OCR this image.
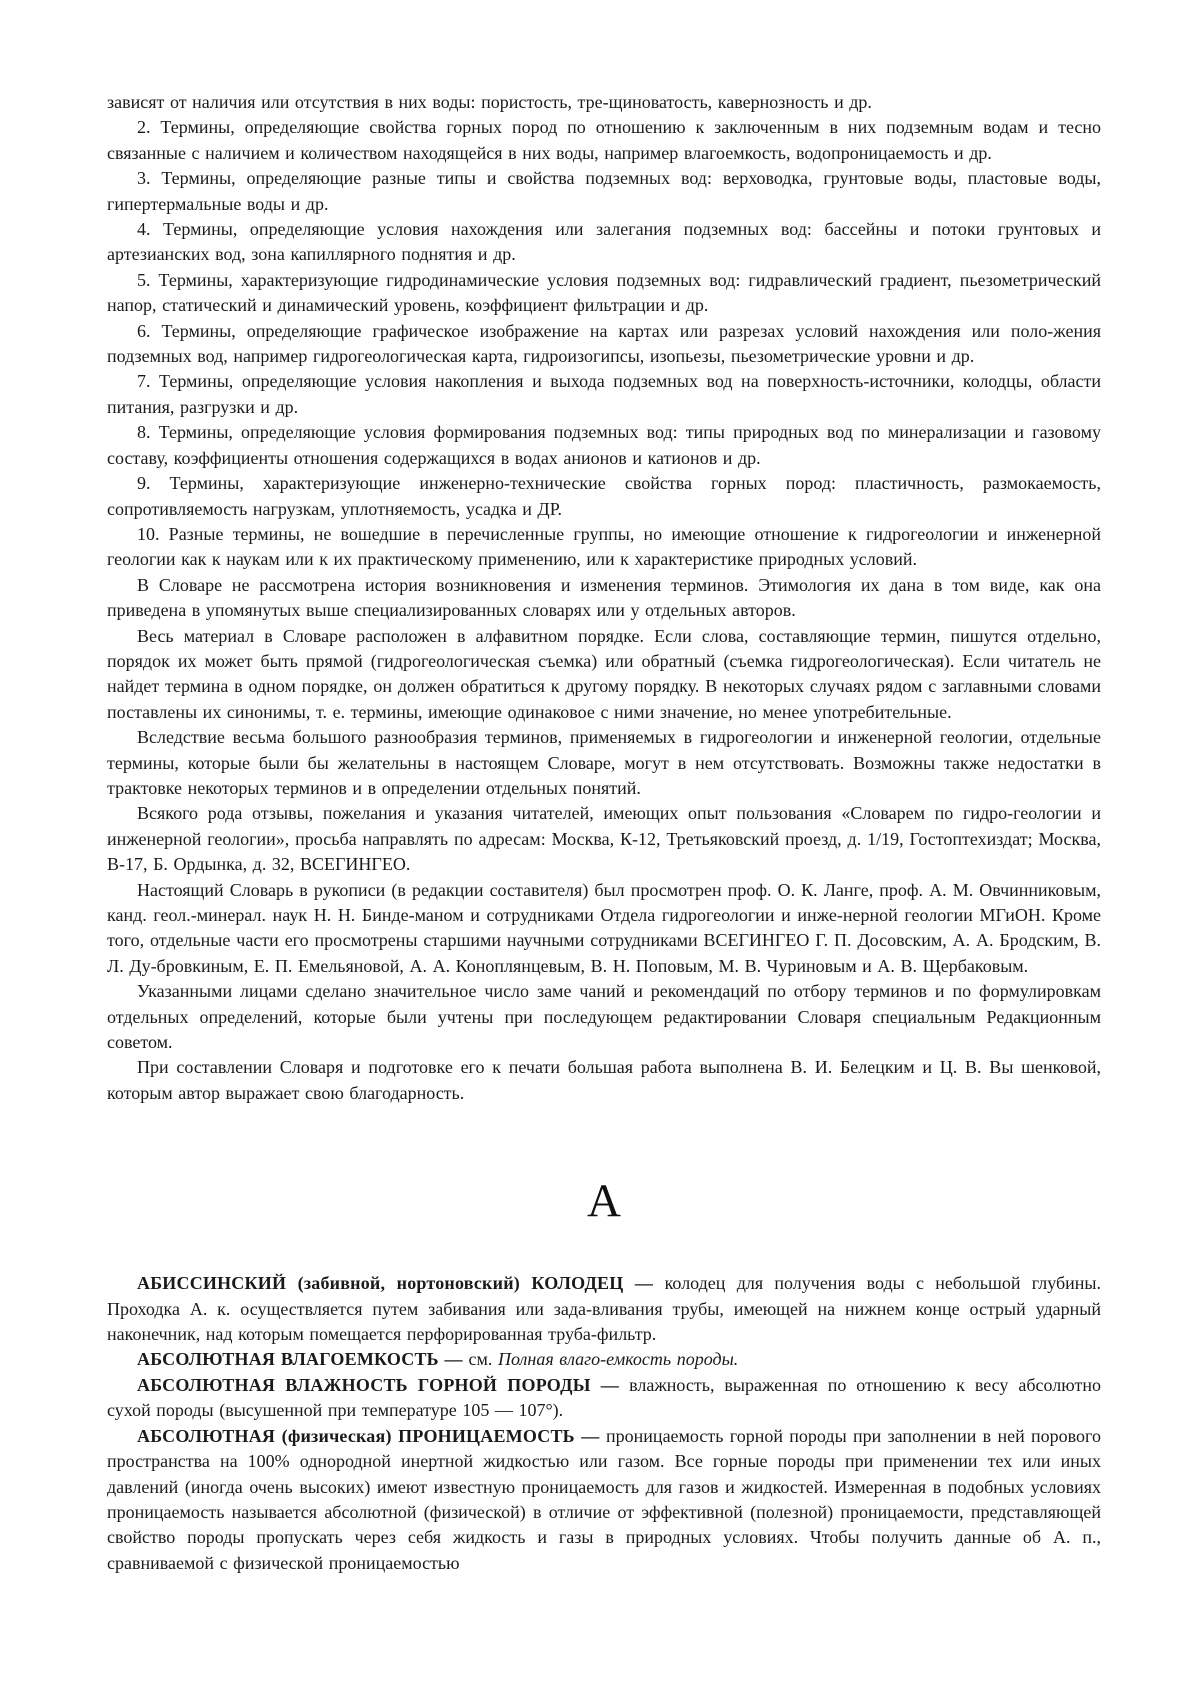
зависят от наличия или отсутствия в них воды: пористость, тре-щиноватость, кавернозность и др.

2. Термины, определяющие свойства горных пород по отношению к заключенным в них подземным водам и тесно связанные с наличием и количеством находящейся в них воды, например влагоемкость, водопроницаемость и др.

3. Термины, определяющие разные типы и свойства подземных вод: верховодка, грунтовые воды, пластовые воды, гипертермальные воды и др.

4. Термины, определяющие условия нахождения или залегания подземных вод: бассейны и потоки грунтовых и артезианских вод, зона капиллярного поднятия и др.

5. Термины, характеризующие гидродинамические условия подземных вод: гидравлический градиент, пьезометрический напор, статический и динамический уровень, коэффициент фильтрации и др.

6. Термины, определяющие графическое изображение на картах или разрезах условий нахождения или поло-жения подземных вод, например гидрогеологическая карта, гидроизогипсы, изопьезы, пьезометрические уровни и др.

7. Термины, определяющие условия накопления и выхода подземных вод на поверхность-источники, колодцы, области питания, разгрузки и др.

8. Термины, определяющие условия формирования подземных вод: типы природных вод по минерализации и газовому составу, коэффициенты отношения содержащихся в водах анионов и катионов и др.

9. Термины, характеризующие инженерно-технические свойства горных пород: пластичность, размокаемость, сопротивляемость нагрузкам, уплотняемость, усадка и ДР.

10. Разные термины, не вошедшие в перечисленные группы, но имеющие отношение к гидрогеологии и инженерной геологии как к наукам или к их практическому применению, или к характеристике природных условий.

В Словаре не рассмотрена история возникновения и изменения терминов. Этимология их дана в том виде, как она приведена в упомянутых выше специализированных словарях или у отдельных авторов.

Весь материал в Словаре расположен в алфавитном порядке. Если слова, составляющие термин, пишутся отдельно, порядок их может быть прямой (гидрогеологическая съемка) или обратный (съемка гидрогеологическая). Если читатель не найдет термина в одном порядке, он должен обратиться к другому порядку. В некоторых случаях рядом с заглавными словами поставлены их синонимы, т. е. термины, имеющие одинаковое с ними значение, но менее употребительные.

Вследствие весьма большого разнообразия терминов, применяемых в гидрогеологии и инженерной геологии, отдельные термины, которые были бы желательны в настоящем Словаре, могут в нем отсутствовать. Возможны также недостатки в трактовке некоторых терминов и в определении отдельных понятий.

Всякого рода отзывы, пожелания и указания читателей, имеющих опыт пользования «Словарем по гидро-геологии и инженерной геологии», просьба направлять по адресам: Москва, К-12, Третьяковский проезд, д. 1/19, Гостоптехиздат; Москва, В-17, Б. Ордынка, д. 32, ВСЕГИНГЕО.

Настоящий Словарь в рукописи (в редакции составителя) был просмотрен проф. О. К. Ланге, проф. А. М. Овчинниковым, канд. геол.-минерал. наук Н. Н. Бинде-маном и сотрудниками Отдела гидрогеологии и инже-нерной геологии МГиОН. Кроме того, отдельные части его просмотрены старшими научными сотрудниками ВСЕГИНГЕО Г. П. Досовским, А. А. Бродским, В. Л. Ду-бровкиным, Е. П. Емельяновой, А. А. Коноплянцевым, В. Н. Поповым, М. В. Чуриновым и А. В. Щербаковым.

Указанными лицами сделано значительное число заме чаний и рекомендаций по отбору терминов и по формулировкам отдельных определений, которые были учтены при последующем редактировании Словаря специальным Редакционным советом.

При составлении Словаря и подготовке его к печати большая работа выполнена В. И. Белецким и Ц. В. Вы шенковой, которым автор выражает свою благодарность.

А

АБИССИНСКИЙ (забивной, нортоновский) КОЛОДЕЦ — колодец для получения воды с небольшой глубины. Проходка А. к. осуществляется путем забивания или зада-вливания трубы, имеющей на нижнем конце острый ударный наконечник, над которым помещается перфорированная труба-фильтр.

АБСОЛЮТНАЯ ВЛАГОЕМКОСТЬ — см. Полная влаго-емкость породы.

АБСОЛЮТНАЯ ВЛАЖНОСТЬ ГОРНОЙ ПОРОДЫ — влажность, выраженная по отношению к весу абсолютно сухой породы (высушенной при температуре 105 — 107°).

АБСОЛЮТНАЯ (физическая) ПРОНИЦАЕМОСТЬ — проницаемость горной породы при заполнении в ней порового пространства на 100% однородной инертной жидкостью или газом. Все горные породы при применении тех или иных давлений (иногда очень высоких) имеют известную проницаемость для газов и жидкостей. Измеренная в подобных условиях проницаемость называется абсолютной (физической) в отличие от эффективной (полезной) проницаемости, представляющей свойство породы пропускать через себя жидкость и газы в природных условиях. Чтобы получить данные об А. п., сравниваемой с физической проницаемостью
